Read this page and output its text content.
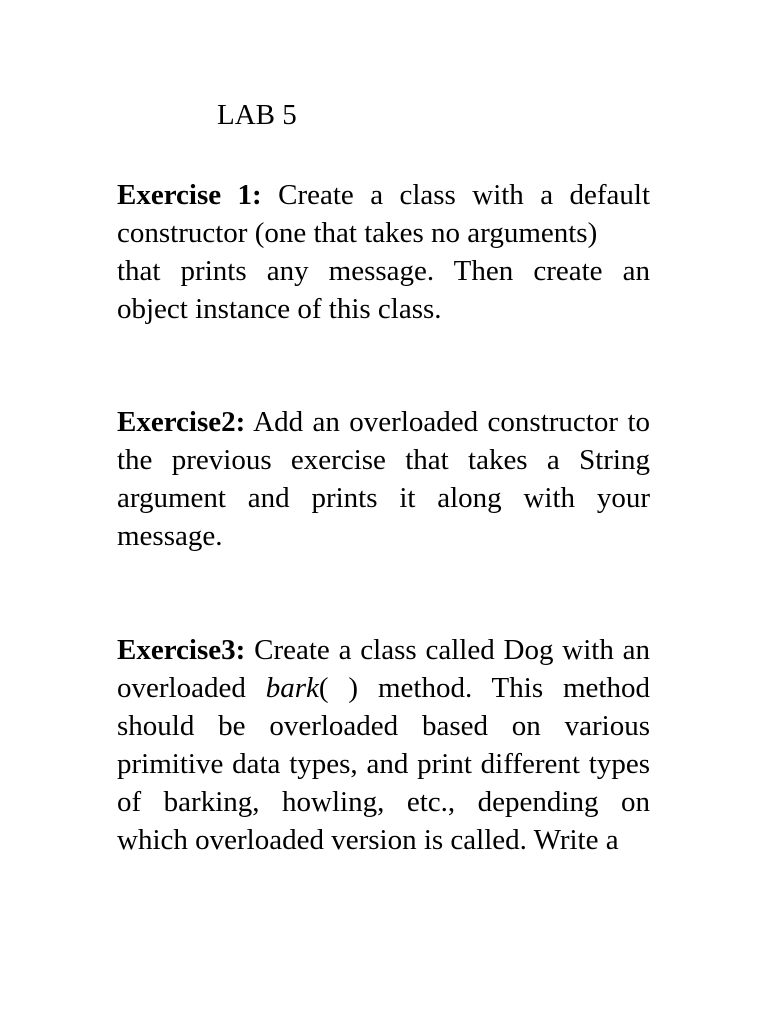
LAB 5

Exercise 1: Create a class with a default constructor (one that takes no arguments)
that prints any message. Then create an object instance of this class.

Exercise2: Add an overloaded constructor to the previous exercise that takes a String argument and prints it along with your message.

Exercise3: Create a class called Dog with an overloaded bark( ) method. This method should be overloaded based on various primitive data types, and print different types of barking, howling, etc., depending on which overloaded version is called. Write a
